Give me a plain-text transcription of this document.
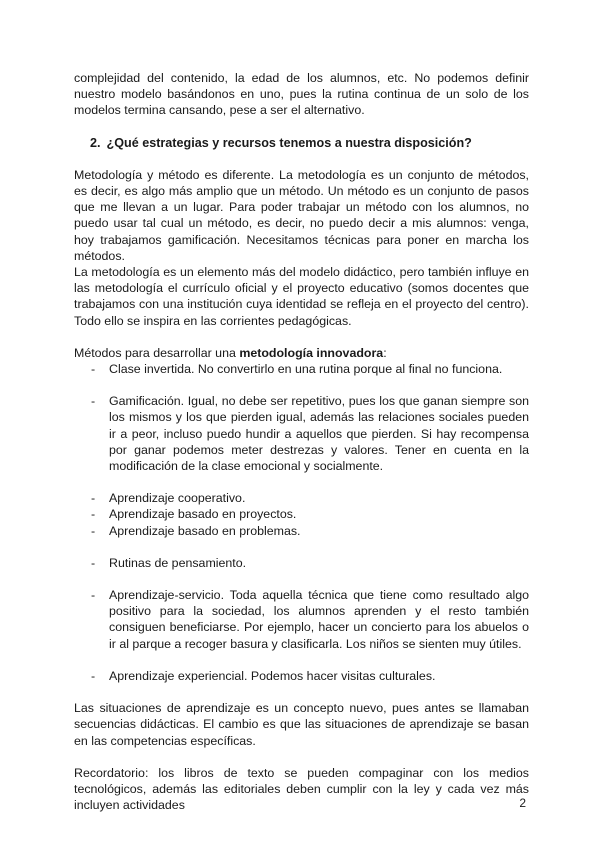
complejidad del contenido, la edad de los alumnos, etc. No podemos definir nuestro modelo basándonos en uno, pues la rutina continua de un solo de los modelos termina cansando, pese a ser el alternativo.

2. ¿Qué estrategias y recursos tenemos a nuestra disposición?

Metodología y método es diferente. La metodología es un conjunto de métodos, es decir, es algo más amplio que un método. Un método es un conjunto de pasos que me llevan a un lugar. Para poder trabajar un método con los alumnos, no puedo usar tal cual un método, es decir, no puedo decir a mis alumnos: venga, hoy trabajamos gamificación. Necesitamos técnicas para poner en marcha los métodos.

La metodología es un elemento más del modelo didáctico, pero también influye en las metodología el currículo oficial y el proyecto educativo (somos docentes que trabajamos con una institución cuya identidad se refleja en el proyecto del centro). Todo ello se inspira en las corrientes pedagógicas.

Métodos para desarrollar una metodología innovadora:

- Clase invertida. No convertirlo en una rutina porque al final no funciona.
- Gamificación. Igual, no debe ser repetitivo, pues los que ganan siempre son los mismos y los que pierden igual, además las relaciones sociales pueden ir a peor, incluso puedo hundir a aquellos que pierden. Si hay recompensa por ganar podemos meter destrezas y valores. Tener en cuenta en la modificación de la clase emocional y socialmente.
- Aprendizaje cooperativo.
- Aprendizaje basado en proyectos.
- Aprendizaje basado en problemas.
- Rutinas de pensamiento.
- Aprendizaje-servicio. Toda aquella técnica que tiene como resultado algo positivo para la sociedad, los alumnos aprenden y el resto también consiguen beneficiarse. Por ejemplo, hacer un concierto para los abuelos o ir al parque a recoger basura y clasificarla. Los niños se sienten muy útiles.
- Aprendizaje experiencial. Podemos hacer visitas culturales.

Las situaciones de aprendizaje es un concepto nuevo, pues antes se llamaban secuencias didácticas. El cambio es que las situaciones de aprendizaje se basan en las competencias específicas.

Recordatorio: los libros de texto se pueden compaginar con los medios tecnológicos, además las editoriales deben cumplir con la ley y cada vez más incluyen actividades	2
